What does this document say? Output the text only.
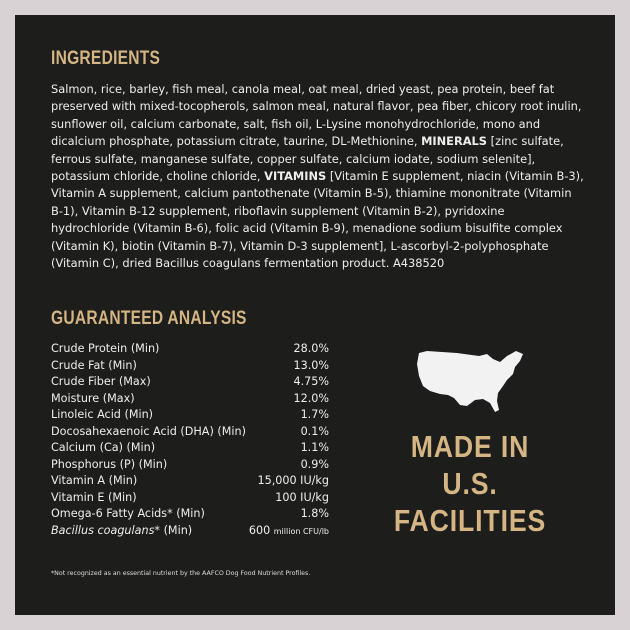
INGREDIENTS
Salmon, rice, barley, fish meal, canola meal, oat meal, dried yeast, pea protein, beef fat preserved with mixed-tocopherols, salmon meal, natural flavor, pea fiber, chicory root inulin, sunflower oil, calcium carbonate, salt, fish oil, L-Lysine monohydrochloride, mono and dicalcium phosphate, potassium citrate, taurine, DL-Methionine, MINERALS [zinc sulfate, ferrous sulfate, manganese sulfate, copper sulfate, calcium iodate, sodium selenite], potassium chloride, choline chloride, VITAMINS [Vitamin E supplement, niacin (Vitamin B-3), Vitamin A supplement, calcium pantothenate (Vitamin B-5), thiamine mononitrate (Vitamin B-1), Vitamin B-12 supplement, riboflavin supplement (Vitamin B-2), pyridoxine hydrochloride (Vitamin B-6), folic acid (Vitamin B-9), menadione sodium bisulfite complex (Vitamin K), biotin (Vitamin B-7), Vitamin D-3 supplement], L-ascorbyl-2-polyphosphate (Vitamin C), dried Bacillus coagulans fermentation product. A438520
GUARANTEED ANALYSIS
Crude Protein (Min)	28.0%
Crude Fat (Min)	13.0%
Crude Fiber (Max)	4.75%
Moisture (Max)	12.0%
Linoleic Acid (Min)	1.7%
Docosahexaenoic Acid (DHA) (Min)	0.1%
Calcium (Ca) (Min)	1.1%
Phosphorus (P) (Min)	0.9%
Vitamin A (Min)	15,000 IU/kg
Vitamin E (Min)	100 IU/kg
Omega-6 Fatty Acids* (Min)	1.8%
Bacillus coagulans* (Min)	600 million CFU/lb
MADE IN
U.S.
FACILITIES
*Not recognized as an essential nutrient by the AAFCO Dog Food Nutrient Profiles.
